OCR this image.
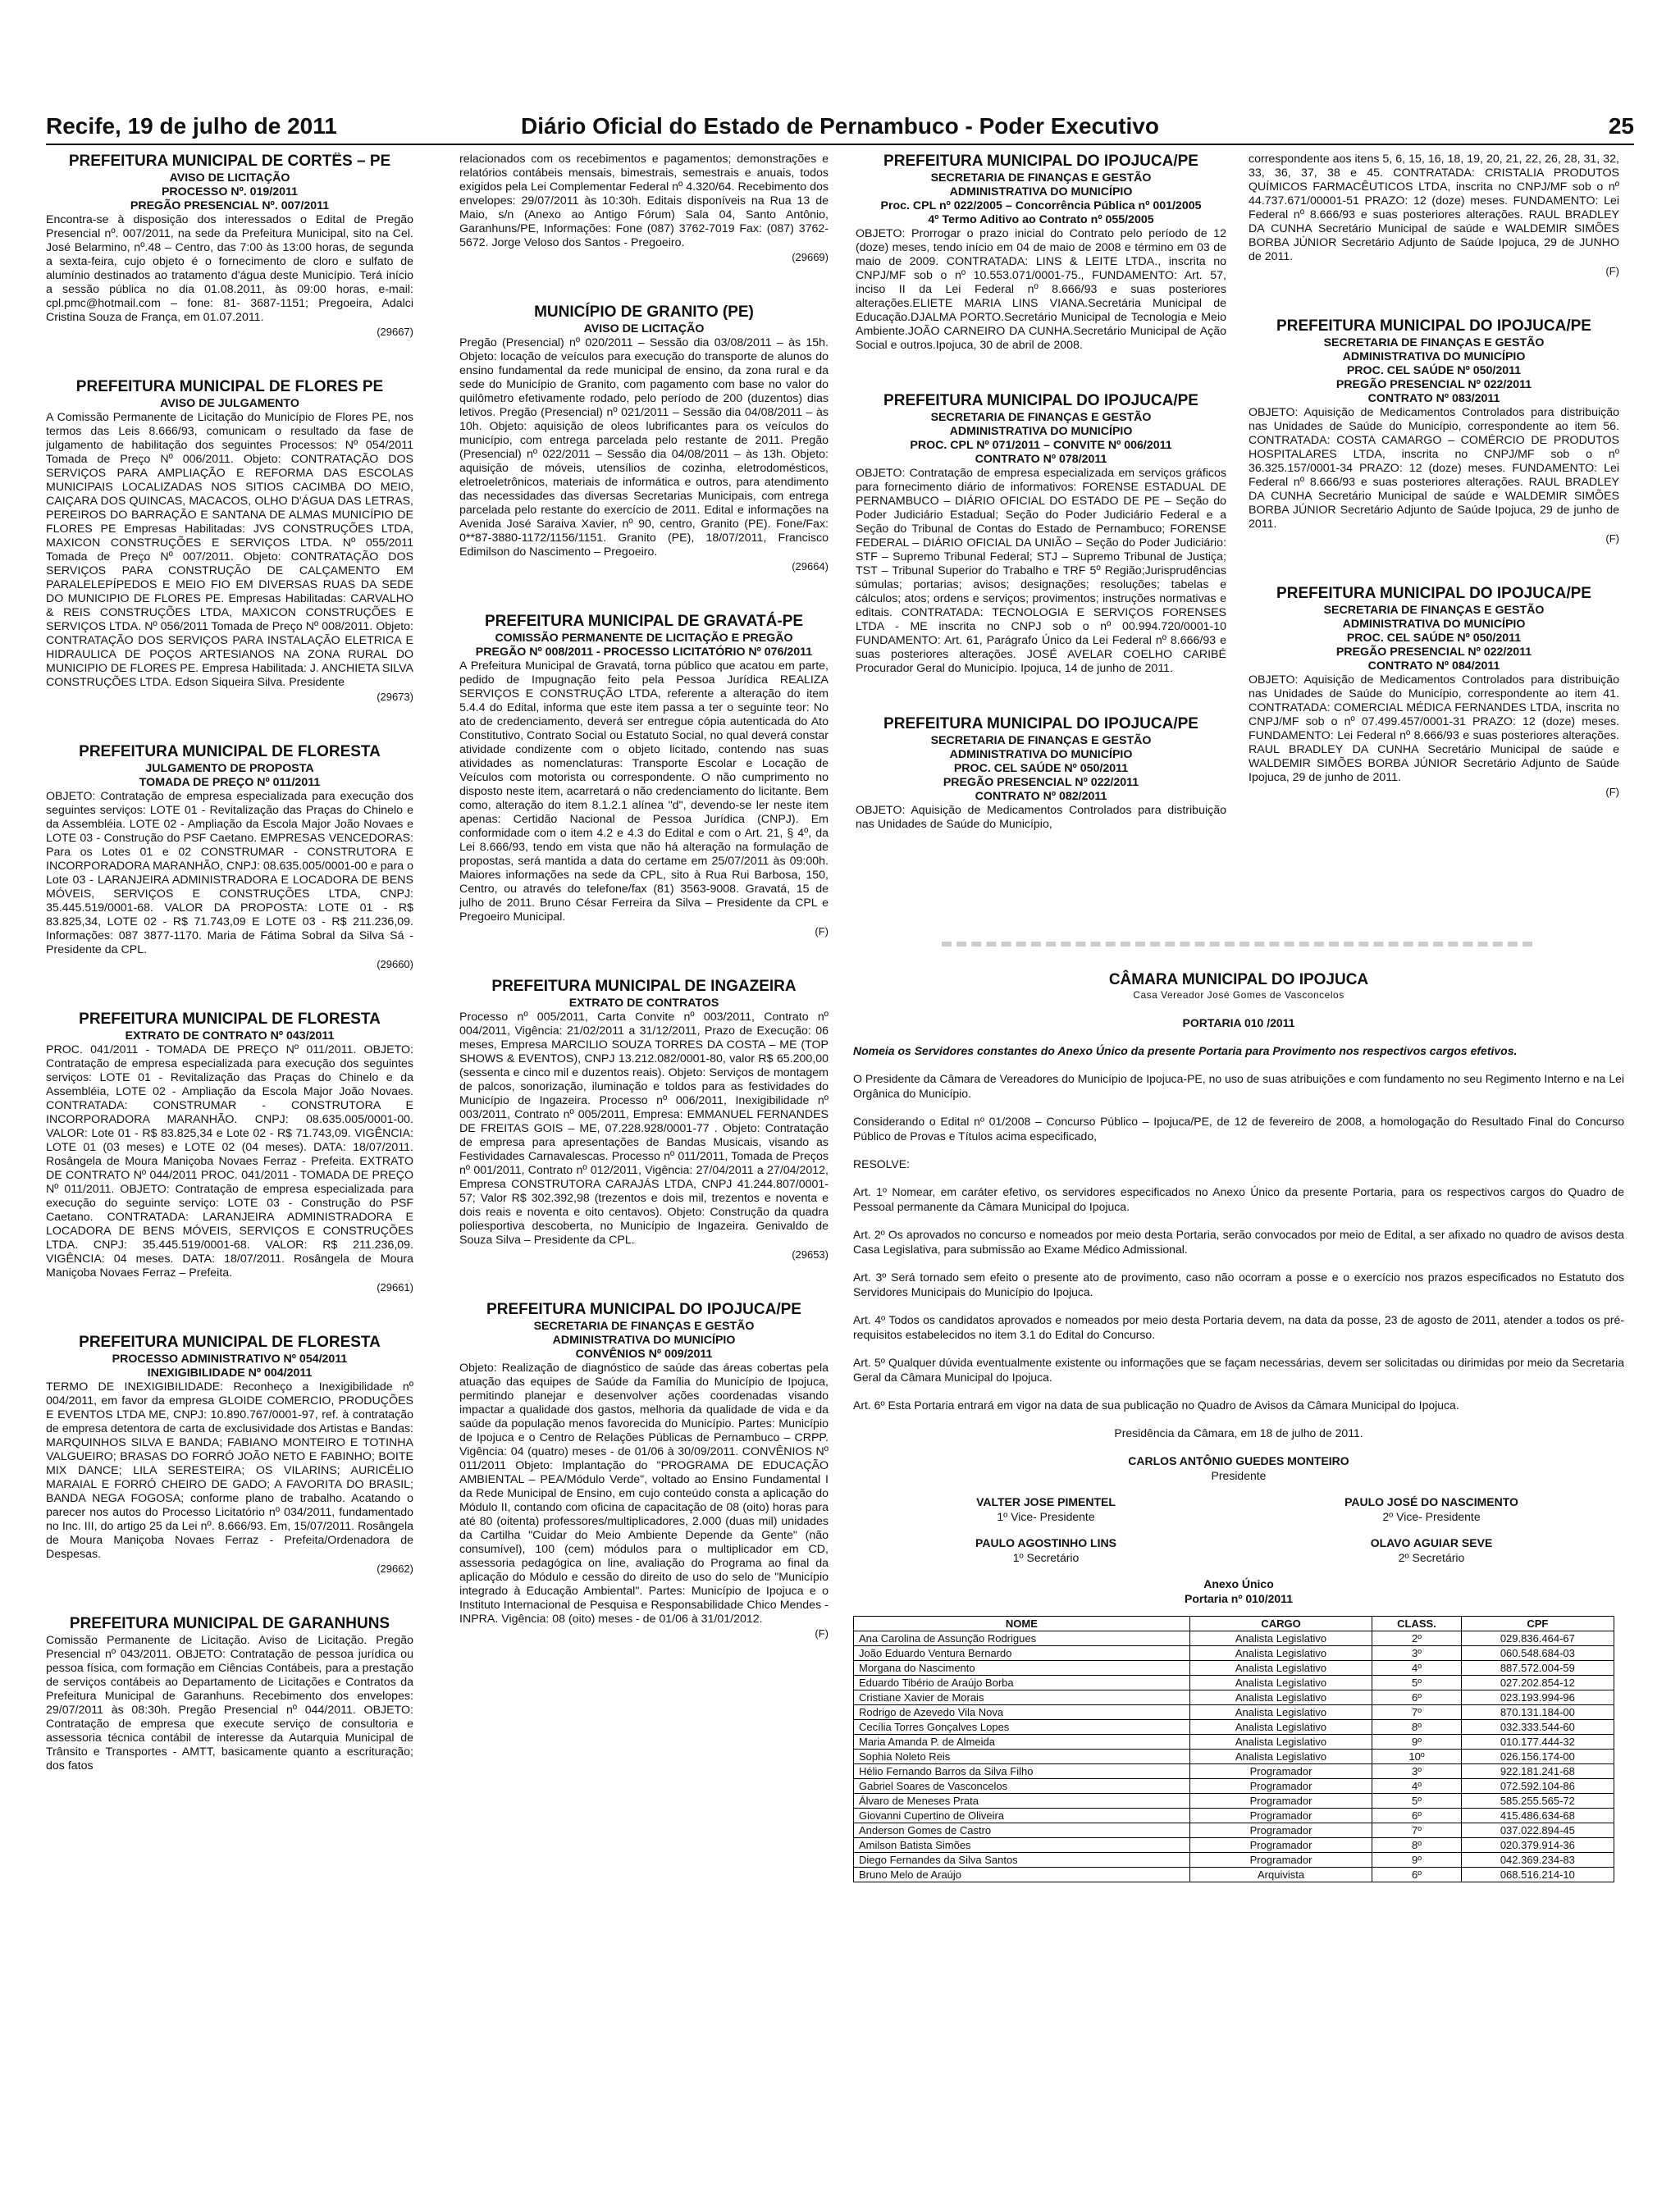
Recife, 19 de julho de 2011	Diário Oficial do Estado de Pernambuco - Poder Executivo	25
PREFEITURA MUNICIPAL DE CORTÊS – PE
AVISO DE LICITAÇÃO
PROCESSO Nº. 019/2011
PREGÃO PRESENCIAL Nº. 007/2011

Encontra-se à disposição dos interessados o Edital de Pregão Presencial nº. 007/2011, na sede da Prefeitura Municipal, sito na Cel. José Belarmino, nº.48 – Centro, das 7:00 às 13:00 horas, de segunda a sexta-feira, cujo objeto é o fornecimento de cloro e sulfato de alumínio destinados ao tratamento d'água deste Município. Terá início a sessão pública no dia 01.08.2011, às 09:00 horas, e-mail: cpl.pmc@hotmail.com – fone: 81- 3687-1151; Pregoeira, Adalci Cristina Souza de França, em 01.07.2011.

(29667)

PREFEITURA MUNICIPAL DE FLORES PE
AVISO DE JULGAMENTO

A Comissão Permanente de Licitação do Município de Flores PE, nos termos das Leis 8.666/93, comunicam o resultado da fase de julgamento de habilitação dos seguintes Processos: Nº 054/2011 Tomada de Preço Nº 006/2011. Objeto: CONTRATAÇÃO DOS SERVIÇOS PARA AMPLIAÇÃO E REFORMA DAS ESCOLAS MUNICIPAIS LOCALIZADAS NOS SITIOS CACIMBA DO MEIO, CAIÇARA DOS QUINCAS, MACACOS, OLHO D'ÁGUA DAS LETRAS, PEREIROS DO BARRAÇÃO E SANTANA DE ALMAS MUNICÍPIO DE FLORES PE Empresas Habilitadas: JVS CONSTRUÇÕES LTDA, MAXICON CONSTRUÇÕES E SERVIÇOS LTDA. Nº 055/2011 Tomada de Preço Nº 007/2011. Objeto: CONTRATAÇÃO DOS SERVIÇOS PARA CONSTRUÇÃO DE CALÇAMENTO EM PARALELEPÍPEDOS E MEIO FIO EM DIVERSAS RUAS DA SEDE DO MUNICIPIO DE FLORES PE. Empresas Habilitadas: CARVALHO & REIS CONSTRUÇÕES LTDA, MAXICON CONSTRUÇÕES E SERVIÇOS LTDA. Nº 056/2011 Tomada de Preço Nº 008/2011. Objeto: CONTRATAÇÃO DOS SERVIÇOS PARA INSTALAÇÃO ELETRICA E HIDRAULICA DE POÇOS ARTESIANOS NA ZONA RURAL DO MUNICIPIO DE FLORES PE. Empresa Habilitada: J. ANCHIETA SILVA CONSTRUÇÕES LTDA. Edson Siqueira Silva. Presidente

(29673)

PREFEITURA MUNICIPAL DE FLORESTA
JULGAMENTO DE PROPOSTA
TOMADA DE PREÇO Nº 011/2011

OBJETO: Contratação de empresa especializada para execução dos seguintes serviços: LOTE 01 - Revitalização das Praças do Chinelo e da Assembléia. LOTE 02 - Ampliação da Escola Major João Novaes e LOTE 03 - Construção do PSF Caetano. EMPRESAS VENCEDORAS: Para os Lotes 01 e 02 CONSTRUMAR - CONSTRUTORA E INCORPORADORA MARANHÃO, CNPJ: 08.635.005/0001-00 e para o Lote 03 - LARANJEIRA ADMINISTRADORA E LOCADORA DE BENS MÓVEIS, SERVIÇOS E CONSTRUÇÕES LTDA, CNPJ: 35.445.519/0001-68. VALOR DA PROPOSTA: LOTE 01 - R$ 83.825,34, LOTE 02 - R$ 71.743,09 E LOTE 03 - R$ 211.236,09. Informações: 087 3877-1170. Maria de Fátima Sobral da Silva Sá - Presidente da CPL.

(29660)

PREFEITURA MUNICIPAL DE FLORESTA
EXTRATO DE CONTRATO Nº 043/2011

PROC. 041/2011 - TOMADA DE PREÇO Nº 011/2011. OBJETO: Contratação de empresa especializada para execução dos seguintes serviços: LOTE 01 - Revitalização das Praças do Chinelo e da Assembléia, LOTE 02 - Ampliação da Escola Major João Novaes. CONTRATADA: CONSTRUMAR - CONSTRUTORA E INCORPORADORA MARANHÃO. CNPJ: 08.635.005/0001-00. VALOR: Lote 01 - R$ 83.825,34 e Lote 02 - R$ 71.743,09. VIGÊNCIA: LOTE 01 (03 meses) e LOTE 02 (04 meses). DATA: 18/07/2011. Rosângela de Moura Maniçoba Novaes Ferraz - Prefeita. EXTRATO DE CONTRATO Nº 044/2011 PROC. 041/2011 - TOMADA DE PREÇO Nº 011/2011. OBJETO: Contratação de empresa especializada para execução do seguinte serviço: LOTE 03 - Construção do PSF Caetano. CONTRATADA: LARANJEIRA ADMINISTRADORA E LOCADORA DE BENS MÓVEIS, SERVIÇOS E CONSTRUÇÕES LTDA. CNPJ: 35.445.519/0001-68. VALOR: R$ 211.236,09. VIGÊNCIA: 04 meses. DATA: 18/07/2011. Rosângela de Moura Maniçoba Novaes Ferraz – Prefeita.

(29661)

PREFEITURA MUNICIPAL DE FLORESTA
PROCESSO ADMINISTRATIVO Nº 054/2011
INEXIGIBILIDADE Nº 004/2011

TERMO DE INEXIGIBILIDADE: Reconheço a Inexigibilidade nº 004/2011, em favor da empresa GLOIDE COMERCIO, PRODUÇÕES E EVENTOS LTDA ME, CNPJ: 10.890.767/0001-97, ref. à contratação de empresa detentora de carta de exclusividade dos Artistas e Bandas: MARQUINHOS SILVA E BANDA; FABIANO MONTEIRO E TOTINHA VALGUEIRO; BRASAS DO FORRÓ JOÃO NETO E FABINHO; BOITE MIX DANCE; LILA SERESTEIRA; OS VILARINS; AURICÉLIO MARAIAL E FORRÓ CHEIRO DE GADO; A FAVORITA DO BRASIL; BANDA NEGA FOGOSA; conforme plano de trabalho. Acatando o parecer nos autos do Processo Licitatório nº 034/2011, fundamentado no Inc. III, do artigo 25 da Lei nº. 8.666/93. Em, 15/07/2011. Rosângela de Moura Maniçoba Novaes Ferraz - Prefeita/Ordenadora de Despesas.

(29662)

PREFEITURA MUNICIPAL DE GARANHUNS

Comissão Permanente de Licitação. Aviso de Licitação. Pregão Presencial nº 043/2011. OBJETO: Contratação de pessoa jurídica ou pessoa física, com formação em Ciências Contábeis, para a prestação de serviços contábeis ao Departamento de Licitações e Contratos da Prefeitura Municipal de Garanhuns. Recebimento dos envelopes: 29/07/2011 às 08:30h. Pregão Presencial nº 044/2011. OBJETO: Contratação de empresa que execute serviço de consultoria e assessoria técnica contábil de interesse da Autarquia Municipal de Trânsito e Transportes - AMTT, basicamente quanto a escrituração; dos fatos

relacionados com os recebimentos e pagamentos; demonstrações e relatórios contábeis mensais, bimestrais, semestrais e anuais, todos exigidos pela Lei Complementar Federal nº 4.320/64. Recebimento dos envelopes: 29/07/2011 às 10:30h. Editais disponíveis na Rua 13 de Maio, s/n (Anexo ao Antigo Fórum) Sala 04, Santo Antônio, Garanhuns/PE, Informações: Fone (087) 3762-7019 Fax: (087) 3762-5672. Jorge Veloso dos Santos - Pregoeiro.

(29669)

MUNICÍPIO DE GRANITO (PE)
AVISO DE LICITAÇÃO

Pregão (Presencial) nº 020/2011 – Sessão dia 03/08/2011 – às 15h. Objeto: locação de veículos para execução do transporte de alunos do ensino fundamental da rede municipal de ensino, da zona rural e da sede do Município de Granito, com pagamento com base no valor do quilômetro efetivamente rodado, pelo período de 200 (duzentos) dias letivos. Pregão (Presencial) nº 021/2011 – Sessão dia 04/08/2011 – às 10h. Objeto: aquisição de oleos lubrificantes para os veículos do município, com entrega parcelada pelo restante de 2011. Pregão (Presencial) nº 022/2011 – Sessão dia 04/08/2011 – às 13h. Objeto: aquisição de móveis, utensílios de cozinha, eletrodomésticos, eletroeletrônicos, materiais de informática e outros, para atendimento das necessidades das diversas Secretarias Municipais, com entrega parcelada pelo restante do exercício de 2011. Edital e informações na Avenida José Saraiva Xavier, nº 90, centro, Granito (PE). Fone/Fax: 0**87-3880-1172/1156/1151. Granito (PE), 18/07/2011, Francisco Edimilson do Nascimento – Pregoeiro.

(29664)

PREFEITURA MUNICIPAL DE GRAVATÁ-PE
COMISSÃO PERMANENTE DE LICITAÇÃO E PREGÃO
PREGÃO Nº 008/2011 - PROCESSO LICITATÓRIO Nº 076/2011

A Prefeitura Municipal de Gravatá, torna público que acatou em parte, pedido de Impugnação feito pela Pessoa Jurídica REALIZA SERVIÇOS E CONSTRUÇÃO LTDA, referente a alteração do item 5.4.4 do Edital, informa que este item passa a ter o seguinte teor: No ato de credenciamento, deverá ser entregue cópia autenticada do Ato Constitutivo, Contrato Social ou Estatuto Social, no qual deverá constar atividade condizente com o objeto licitado, contendo nas suas atividades as nomenclaturas: Transporte Escolar e Locação de Veículos com motorista ou correspondente. O não cumprimento no disposto neste item, acarretará o não credenciamento do licitante. Bem como, alteração do item 8.1.2.1 alínea "d", devendo-se ler neste item apenas: Certidão Nacional de Pessoa Jurídica (CNPJ). Em conformidade com o item 4.2 e 4.3 do Edital e com o Art. 21, § 4º, da Lei 8.666/93, tendo em vista que não há alteração na formulação de propostas, será mantida a data do certame em 25/07/2011 às 09:00h. Maiores informações na sede da CPL, sito à Rua Rui Barbosa, 150, Centro, ou através do telefone/fax (81) 3563-9008. Gravatá, 15 de julho de 2011. Bruno César Ferreira da Silva – Presidente da CPL e Pregoeiro Municipal.

(F)

PREFEITURA MUNICIPAL DE INGAZEIRA
EXTRATO DE CONTRATOS

Processo nº 005/2011, Carta Convite nº 003/2011, Contrato nº 004/2011, Vigência: 21/02/2011 a 31/12/2011, Prazo de Execução: 06 meses, Empresa MARCILIO SOUZA TORRES DA COSTA – ME (TOP SHOWS & EVENTOS), CNPJ 13.212.082/0001-80, valor R$ 65.200,00 (sessenta e cinco mil e duzentos reais). Objeto: Serviços de montagem de palcos, sonorização, iluminação e toldos para as festividades do Município de Ingazeira. Processo nº 006/2011, Inexigibilidade nº 003/2011, Contrato nº 005/2011, Empresa: EMMANUEL FERNANDES DE FREITAS GOIS – ME, 07.228.928/0001-77 . Objeto: Contratação de empresa para apresentações de Bandas Musicais, visando as Festividades Carnavalescas. Processo nº 011/2011, Tomada de Preços nº 001/2011, Contrato nº 012/2011, Vigência: 27/04/2011 a 27/04/2012, Empresa CONSTRUTORA CARAJÁS LTDA, CNPJ 41.244.807/0001-57; Valor R$ 302.392,98 (trezentos e dois mil, trezentos e noventa e dois reais e noventa e oito centavos). Objeto: Construção da quadra poliesportiva descoberta, no Município de Ingazeira. Genivaldo de Souza Silva – Presidente da CPL.

(29653)

PREFEITURA MUNICIPAL DO IPOJUCA/PE
SECRETARIA DE FINANÇAS E GESTÃO
ADMINISTRATIVA DO MUNICÍPIO
CONVÊNIOS Nº 009/2011

Objeto: Realização de diagnóstico de saúde das áreas cobertas pela atuação das equipes de Saúde da Família do Município de Ipojuca, permitindo planejar e desenvolver ações coordenadas visando impactar a qualidade dos gastos, melhoria da qualidade de vida e da saúde da população menos favorecida do Município. Partes: Município de Ipojuca e o Centro de Relações Públicas de Pernambuco – CRPP. Vigência: 04 (quatro) meses - de 01/06 à 30/09/2011. CONVÊNIOS Nº 011/2011 Objeto: Implantação do "PROGRAMA DE EDUCAÇÃO AMBIENTAL – PEA/Módulo Verde", voltado ao Ensino Fundamental I da Rede Municipal de Ensino, em cujo conteúdo consta a aplicação do Módulo II, contando com oficina de capacitação de 08 (oito) horas para até 80 (oitenta) professores/multiplicadores, 2.000 (duas mil) unidades da Cartilha "Cuidar do Meio Ambiente Depende da Gente" (não consumível), 100 (cem) módulos para o multiplicador em CD, assessoria pedagógica on line, avaliação do Programa ao final da aplicação do Módulo e cessão do direito de uso do selo de "Município integrado à Educação Ambiental". Partes: Município de Ipojuca e o Instituto Internacional de Pesquisa e Responsabilidade Chico Mendes - INPRA. Vigência: 08 (oito) meses - de 01/06 à 31/01/2012.

(F)

PREFEITURA MUNICIPAL DO IPOJUCA/PE
SECRETARIA DE FINANÇAS E GESTÃO
ADMINISTRATIVA DO MUNICÍPIO
Proc. CPL nº 022/2005 – Concorrência Pública nº 001/2005
4º Termo Aditivo ao Contrato nº 055/2005

OBJETO: Prorrogar o prazo inicial do Contrato pelo período de 12 (doze) meses, tendo início em 04 de maio de 2008 e término em 03 de maio de 2009. CONTRATADA: LINS & LEITE LTDA., inscrita no CNPJ/MF sob o nº 10.553.071/0001-75., FUNDAMENTO: Art. 57, inciso II da Lei Federal nº 8.666/93 e suas posteriores alterações.ELIETE MARIA LINS VIANA.Secretária Municipal de Educação.DJALMA PORTO.Secretário Municipal de Tecnologia e Meio Ambiente.JOÃO CARNEIRO DA CUNHA.Secretário Municipal de Ação Social e outros.Ipojuca, 30 de abril de 2008.

PREFEITURA MUNICIPAL DO IPOJUCA/PE
SECRETARIA DE FINANÇAS E GESTÃO
ADMINISTRATIVA DO MUNICÍPIO
PROC. CPL Nº 071/2011 – CONVITE Nº 006/2011
CONTRATO Nº 078/2011

OBJETO: Contratação de empresa especializada em serviços gráficos para fornecimento diário de informativos: FORENSE ESTADUAL DE PERNAMBUCO – DIÁRIO OFICIAL DO ESTADO DE PE – Seção do Poder Judiciário Estadual; Seção do Poder Judiciário Federal e a Seção do Tribunal de Contas do Estado de Pernambuco; FORENSE FEDERAL – DIÁRIO OFICIAL DA UNIÃO – Seção do Poder Judiciário: STF – Supremo Tribunal Federal; STJ – Supremo Tribunal de Justiça; TST – Tribunal Superior do Trabalho e TRF 5º Região;Jurisprudências súmulas; portarias; avisos; designações; resoluções; tabelas e cálculos; atos; ordens e serviços; provimentos; instruções normativas e editais. CONTRATADA: TECNOLOGIA E SERVIÇOS FORENSES LTDA - ME inscrita no CNPJ sob o nº 00.994.720/0001-10 FUNDAMENTO: Art. 61, Parágrafo Único da Lei Federal nº 8.666/93 e suas posteriores alterações. JOSÉ AVELAR COELHO CARIBÉ Procurador Geral do Município. Ipojuca, 14 de junho de 2011.

PREFEITURA MUNICIPAL DO IPOJUCA/PE
SECRETARIA DE FINANÇAS E GESTÃO
ADMINISTRATIVA DO MUNICÍPIO
PROC. CEL SAÚDE Nº 050/2011
PREGÃO PRESENCIAL Nº 022/2011
CONTRATO Nº 082/2011

OBJETO: Aquisição de Medicamentos Controlados para distribuição nas Unidades de Saúde do Município,

correspondente aos itens 5, 6, 15, 16, 18, 19, 20, 21, 22, 26, 28, 31, 32, 33, 36, 37, 38 e 45. CONTRATADA: CRISTALIA PRODUTOS QUÍMICOS FARMACÊUTICOS LTDA, inscrita no CNPJ/MF sob o nº 44.737.671/00001-51 PRAZO: 12 (doze) meses. FUNDAMENTO: Lei Federal nº 8.666/93 e suas posteriores alterações. RAUL BRADLEY DA CUNHA Secretário Municipal de saúde e WALDEMIR SIMÕES BORBA JÚNIOR Secretário Adjunto de Saúde Ipojuca, 29 de JUNHO de 2011.

(F)

PREFEITURA MUNICIPAL DO IPOJUCA/PE
SECRETARIA DE FINANÇAS E GESTÃO
ADMINISTRATIVA DO MUNICÍPIO
PROC. CEL SAÚDE Nº 050/2011
PREGÃO PRESENCIAL Nº 022/2011
CONTRATO Nº 083/2011

OBJETO: Aquisição de Medicamentos Controlados para distribuição nas Unidades de Saúde do Município, correspondente ao item 56. CONTRATADA: COSTA CAMARGO – COMÉRCIO DE PRODUTOS HOSPITALARES LTDA, inscrita no CNPJ/MF sob o nº 36.325.157/0001-34 PRAZO: 12 (doze) meses. FUNDAMENTO: Lei Federal nº 8.666/93 e suas posteriores alterações. RAUL BRADLEY DA CUNHA Secretário Municipal de saúde e WALDEMIR SIMÕES BORBA JÚNIOR Secretário Adjunto de Saúde Ipojuca, 29 de junho de 2011.

(F)

PREFEITURA MUNICIPAL DO IPOJUCA/PE
SECRETARIA DE FINANÇAS E GESTÃO
ADMINISTRATIVA DO MUNICÍPIO
PROC. CEL SAÚDE Nº 050/2011
PREGÃO PRESENCIAL Nº 022/2011
CONTRATO Nº 084/2011

OBJETO: Aquisição de Medicamentos Controlados para distribuição nas Unidades de Saúde do Município, correspondente ao item 41. CONTRATADA: COMERCIAL MÉDICA FERNANDES LTDA, inscrita no CNPJ/MF sob o nº 07.499.457/0001-31 PRAZO: 12 (doze) meses. FUNDAMENTO: Lei Federal nº 8.666/93 e suas posteriores alterações. RAUL BRADLEY DA CUNHA Secretário Municipal de saúde e WALDEMIR SIMÕES BORBA JÚNIOR Secretário Adjunto de Saúde Ipojuca, 29 de junho de 2011.

(F)

CÂMARA MUNICIPAL DO IPOJUCA
Casa Vereador José Gomes de Vasconcelos
PORTARIA 010 /2011

Nomeia os Servidores constantes do Anexo Único da presente Portaria para Provimento nos respectivos cargos efetivos.

O Presidente da Câmara de Vereadores do Município de Ipojuca-PE, no uso de suas atribuições e com fundamento no seu Regimento Interno e na Lei Orgânica do Município.

Considerando o Edital nº 01/2008 – Concurso Público – Ipojuca/PE, de 12 de fevereiro de 2008, a homologação do Resultado Final do Concurso Público de Provas e Títulos acima especificado,

RESOLVE:

Art. 1º Nomear, em caráter efetivo, os servidores especificados no Anexo Único da presente Portaria, para os respectivos cargos do Quadro de Pessoal permanente da Câmara Municipal do Ipojuca.

Art. 2º Os aprovados no concurso e nomeados por meio desta Portaria, serão convocados por meio de Edital, a ser afixado no quadro de avisos desta Casa Legislativa, para submissão ao Exame Médico Admissional.

Art. 3º Será tornado sem efeito o presente ato de provimento, caso não ocorram a posse e o exercício nos prazos especificados no Estatuto dos Servidores Municipais do Município do Ipojuca.

Art. 4º Todos os candidatos aprovados e nomeados por meio desta Portaria devem, na data da posse, 23 de agosto de 2011, atender a todos os pré-requisitos estabelecidos no item 3.1 do Edital do Concurso.

Art. 5º Qualquer dúvida eventualmente existente ou informações que se façam necessárias, devem ser solicitadas ou dirimidas por meio da Secretaria Geral da Câmara Municipal do Ipojuca.

Art. 6º Esta Portaria entrará em vigor na data de sua publicação no Quadro de Avisos da Câmara Municipal do Ipojuca.

Presidência da Câmara, em 18 de julho de 2011.

CARLOS ANTÔNIO GUEDES MONTEIRO
Presidente
VALTER JOSE PIMENTEL
1º Vice- Presidente
PAULO JOSÉ DO NASCIMENTO
2º Vice- Presidente
PAULO AGOSTINHO LINS
1º Secretário
OLAVO AGUIAR SEVE
2º Secretário
Anexo Único
Portaria nº 010/2011
NOME	CARGO	CLASS.	CPF
Ana Carolina de Assunção Rodrigues	Analista Legislativo	2º	029.836.464-67
João Eduardo Ventura Bernardo	Analista Legislativo	3º	060.548.684-03
Morgana do Nascimento	Analista Legislativo	4º	887.572.004-59
Eduardo Tibério de Araújo Borba	Analista Legislativo	5º	027.202.854-12
Cristiane Xavier de Morais	Analista Legislativo	6º	023.193.994-96
Rodrigo de Azevedo Vila Nova	Analista Legislativo	7º	870.131.184-00
Cecília Torres Gonçalves Lopes	Analista Legislativo	8º	032.333.544-60
Maria Amanda P. de Almeida	Analista Legislativo	9º	010.177.444-32
Sophia Noleto Reis	Analista Legislativo	10º	026.156.174-00
Hélio Fernando Barros da Silva Filho	Programador	3º	922.181.241-68
Gabriel Soares de Vasconcelos	Programador	4º	072.592.104-86
Álvaro de Meneses Prata	Programador	5º	585.255.565-72
Giovanni Cupertino de Oliveira	Programador	6º	415.486.634-68
Anderson Gomes de Castro	Programador	7º	037.022.894-45
Amilson Batista Simões	Programador	8º	020.379.914-36
Diego Fernandes da Silva Santos	Programador	9º	042.369.234-83
Bruno Melo de Araújo	Arquivista	6º	068.516.214-10
